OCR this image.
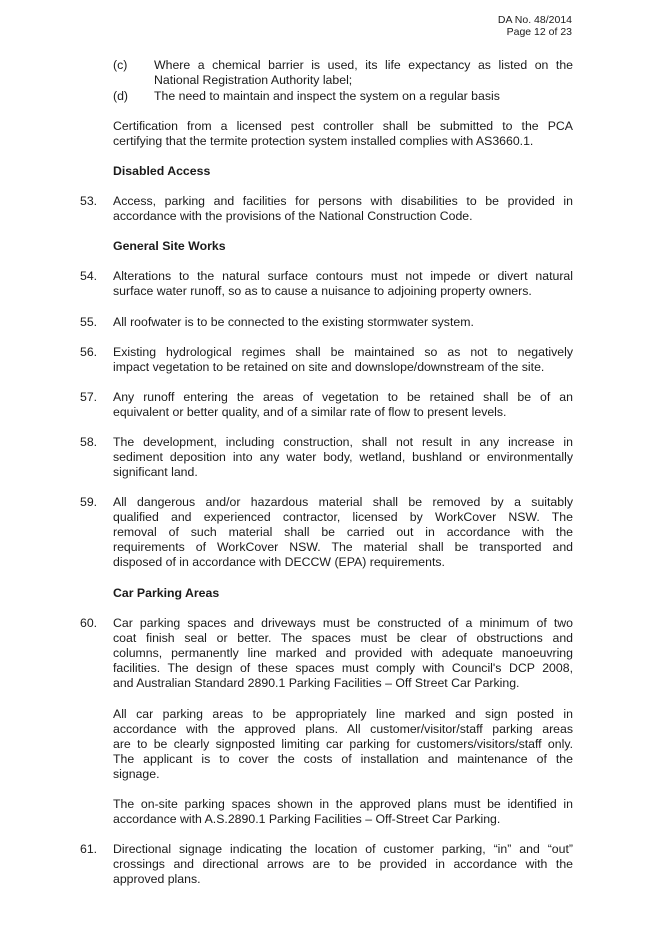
DA No. 48/2014
Page 12 of 23
(c) Where a chemical barrier is used, its life expectancy as listed on the
National Registration Authority label;
(d) The need to maintain and inspect the system on a regular basis
Certification from a licensed pest controller shall be submitted to the PCA
certifying that the termite protection system installed complies with AS3660.1.
Disabled Access
53. Access, parking and facilities for persons with disabilities to be provided in
accordance with the provisions of the National Construction Code.
General Site Works
54. Alterations to the natural surface contours must not impede or divert natural
surface water runoff, so as to cause a nuisance to adjoining property owners.
55. All roofwater is to be connected to the existing stormwater system.
56. Existing hydrological regimes shall be maintained so as not to negatively
impact vegetation to be retained on site and downslope/downstream of the site.
57. Any runoff entering the areas of vegetation to be retained shall be of an
equivalent or better quality, and of a similar rate of flow to present levels.
58. The development, including construction, shall not result in any increase in
sediment deposition into any water body, wetland, bushland or environmentally
significant land.
59. All dangerous and/or hazardous material shall be removed by a suitably
qualified and experienced contractor, licensed by WorkCover NSW. The
removal of such material shall be carried out in accordance with the
requirements of WorkCover NSW. The material shall be transported and
disposed of in accordance with DECCW (EPA) requirements.
Car Parking Areas
60. Car parking spaces and driveways must be constructed of a minimum of two
coat finish seal or better. The spaces must be clear of obstructions and
columns, permanently line marked and provided with adequate manoeuvring
facilities. The design of these spaces must comply with Council's DCP 2008,
and Australian Standard 2890.1 Parking Facilities – Off Street Car Parking.
All car parking areas to be appropriately line marked and sign posted in
accordance with the approved plans. All customer/visitor/staff parking areas
are to be clearly signposted limiting car parking for customers/visitors/staff only.
The applicant is to cover the costs of installation and maintenance of the
signage.
The on-site parking spaces shown in the approved plans must be identified in
accordance with A.S.2890.1 Parking Facilities – Off-Street Car Parking.
61. Directional signage indicating the location of customer parking, “in” and “out”
crossings and directional arrows are to be provided in accordance with the
approved plans.
